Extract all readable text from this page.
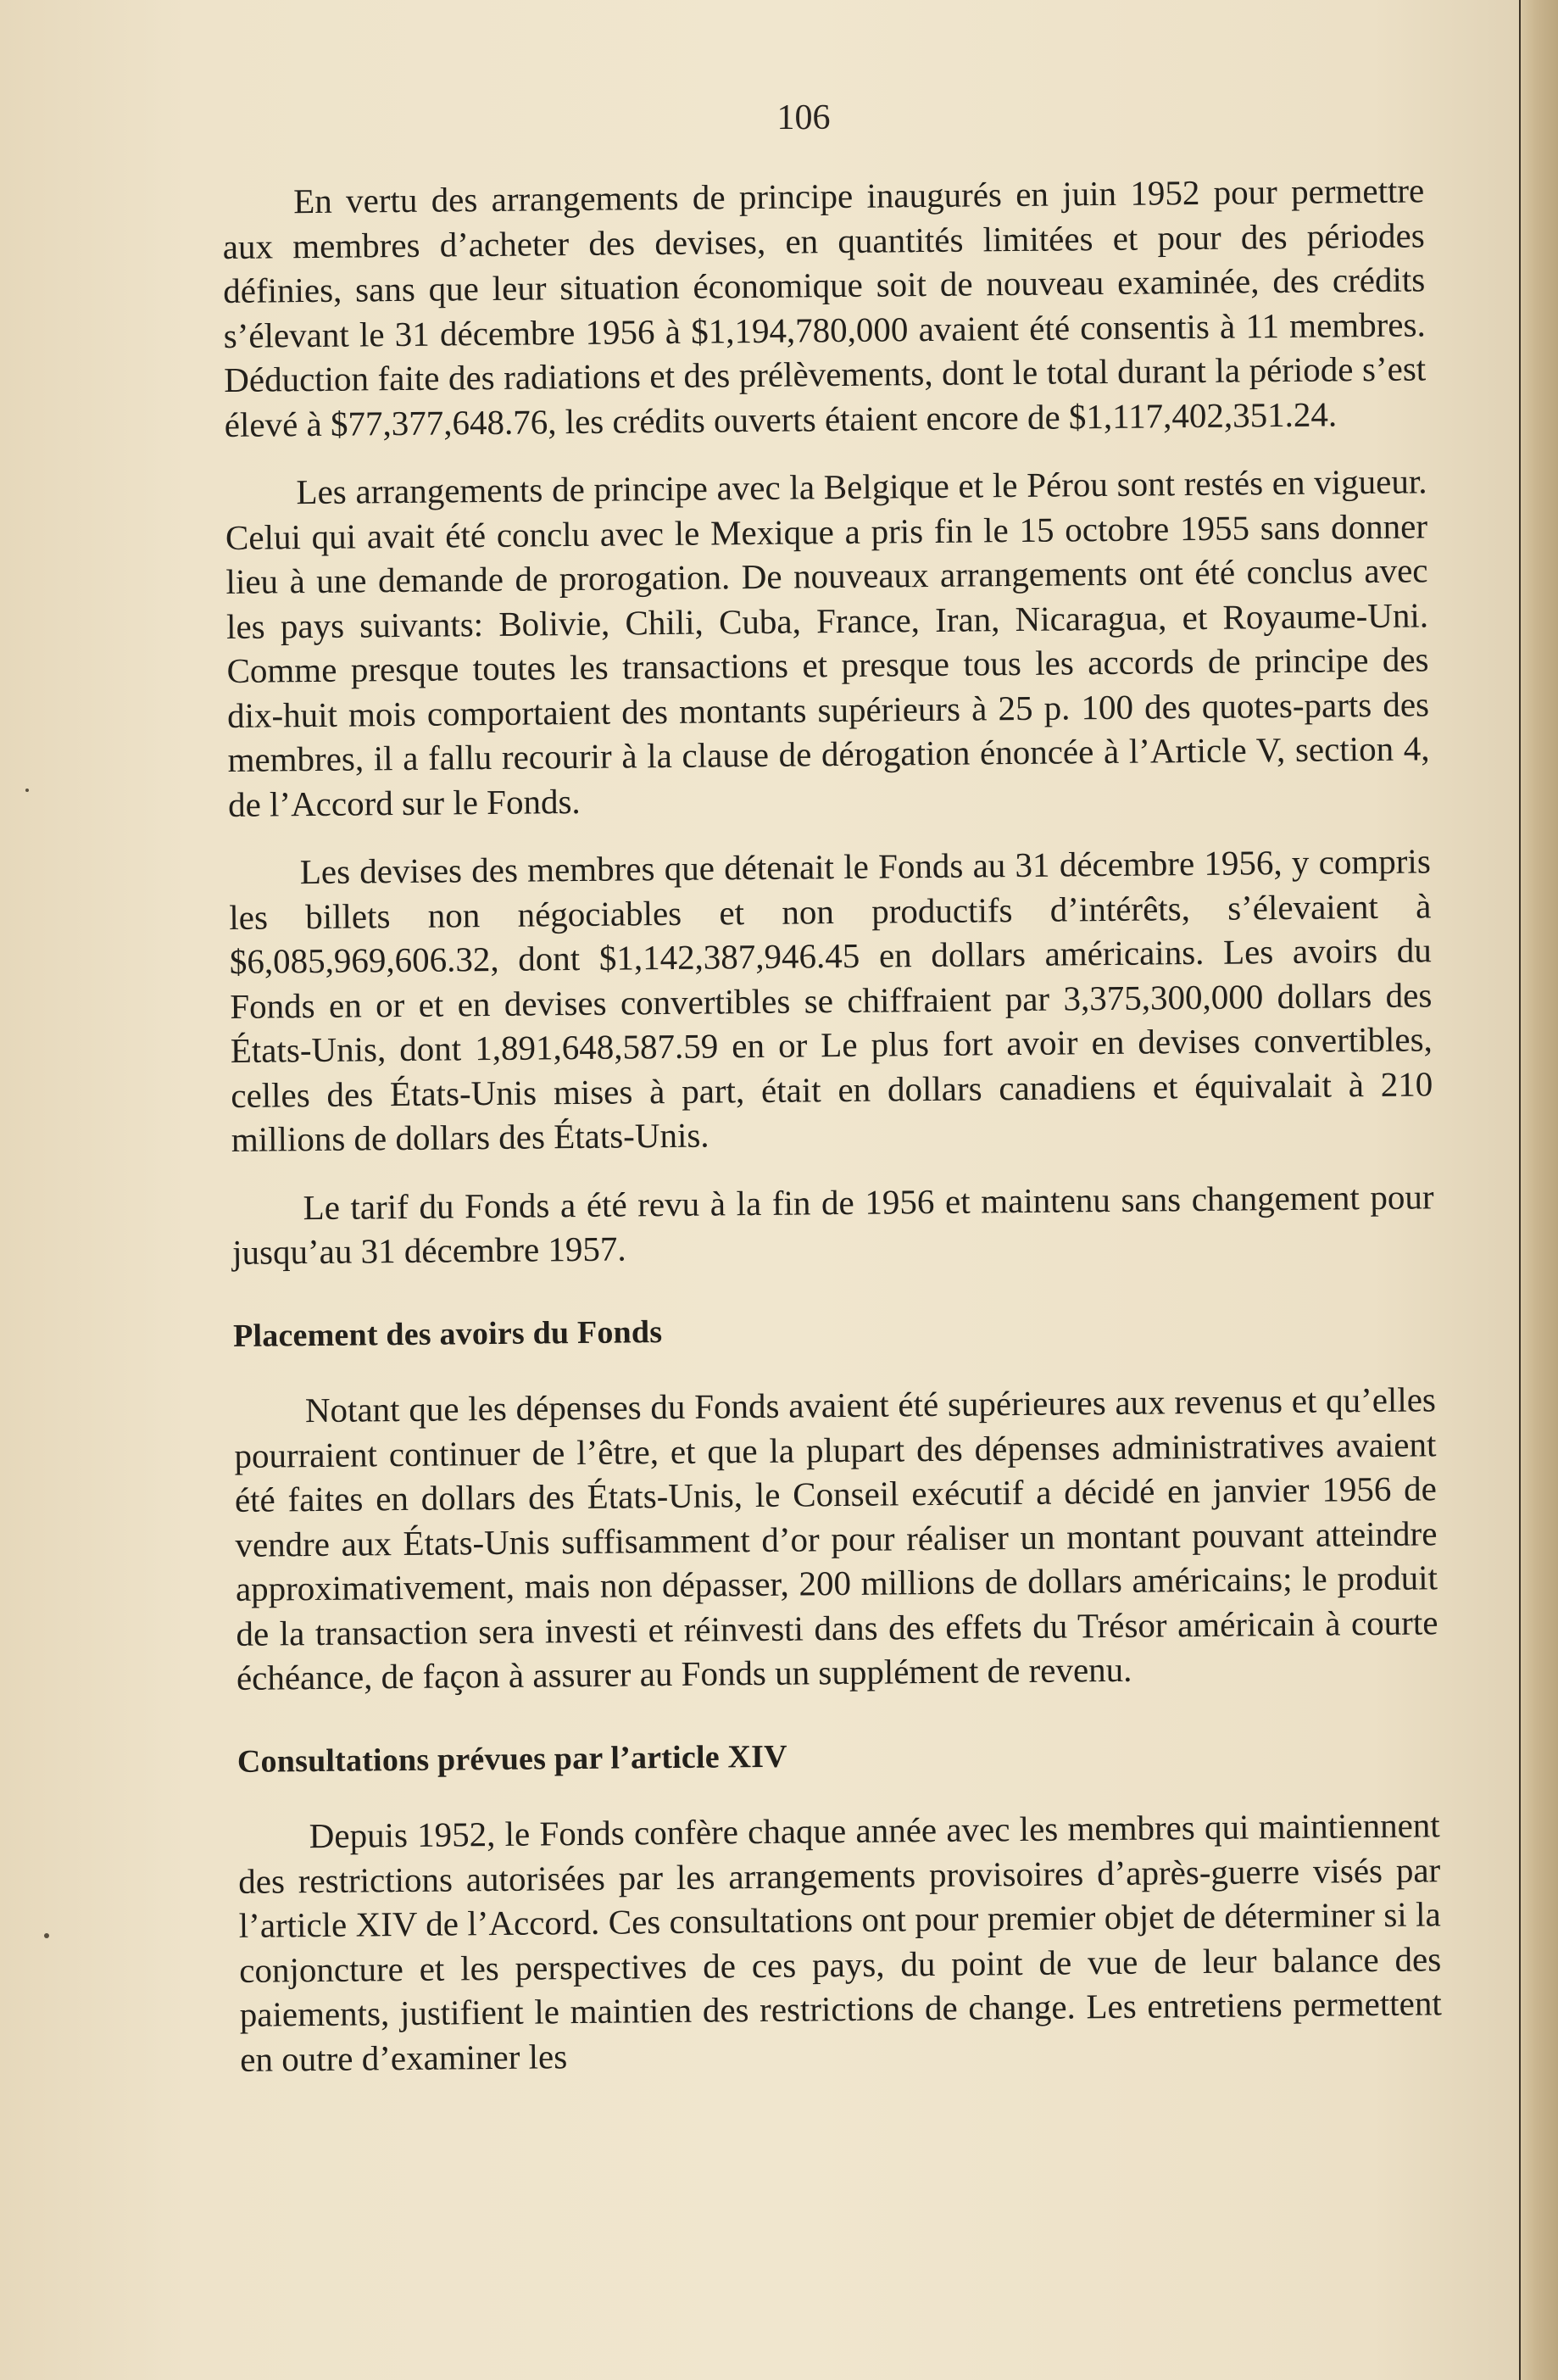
106

En vertu des arrangements de principe inaugurés en juin 1952 pour permettre aux membres d’acheter des devises, en quantités limitées et pour des périodes définies, sans que leur situation économique soit de nouveau examinée, des crédits s’élevant le 31 décembre 1956 à $1,194,780,000 avaient été consentis à 11 membres. Déduction faite des radiations et des prélèvements, dont le total durant la période s’est élevé à $77,377,648.76, les crédits ouverts étaient encore de $1,117,402,351.24.

Les arrangements de principe avec la Belgique et le Pérou sont restés en vigueur. Celui qui avait été conclu avec le Mexique a pris fin le 15 octobre 1955 sans donner lieu à une demande de prorogation. De nouveaux arrangements ont été conclus avec les pays suivants: Bolivie, Chili, Cuba, France, Iran, Nicaragua, et Royaume-Uni. Comme presque toutes les transactions et presque tous les accords de principe des dix-huit mois comportaient des montants supérieurs à 25 p. 100 des quotes-parts des membres, il a fallu recourir à la clause de dérogation énoncée à l’Article V, section 4, de l’Accord sur le Fonds.

Les devises des membres que détenait le Fonds au 31 décembre 1956, y compris les billets non négociables et non productifs d’intérêts, s’élevaient à $6,085,969,606.32, dont $1,142,387,946.45 en dollars américains. Les avoirs du Fonds en or et en devises convertibles se chiffraient par 3,375,300,000 dollars des États-Unis, dont 1,891,648,587.59 en or Le plus fort avoir en devises convertibles, celles des États-Unis mises à part, était en dollars canadiens et équivalait à 210 millions de dollars des États-Unis.

Le tarif du Fonds a été revu à la fin de 1956 et maintenu sans changement pour jusqu’au 31 décembre 1957.

Placement des avoirs du Fonds

Notant que les dépenses du Fonds avaient été supérieures aux revenus et qu’elles pourraient continuer de l’être, et que la plupart des dépenses administratives avaient été faites en dollars des États-Unis, le Conseil exécutif a décidé en janvier 1956 de vendre aux États-Unis suffisamment d’or pour réaliser un montant pouvant atteindre approximativement, mais non dépasser, 200 millions de dollars américains; le produit de la transaction sera investi et réinvesti dans des effets du Trésor américain à courte échéance, de façon à assurer au Fonds un supplément de revenu.

Consultations prévues par l’article XIV

Depuis 1952, le Fonds confère chaque année avec les membres qui maintiennent des restrictions autorisées par les arrangements provisoires d’après-guerre visés par l’article XIV de l’Accord. Ces consultations ont pour premier objet de déterminer si la conjoncture et les perspectives de ces pays, du point de vue de leur balance des paiements, justifient le maintien des restrictions de change. Les entretiens permettent en outre d’examiner les
